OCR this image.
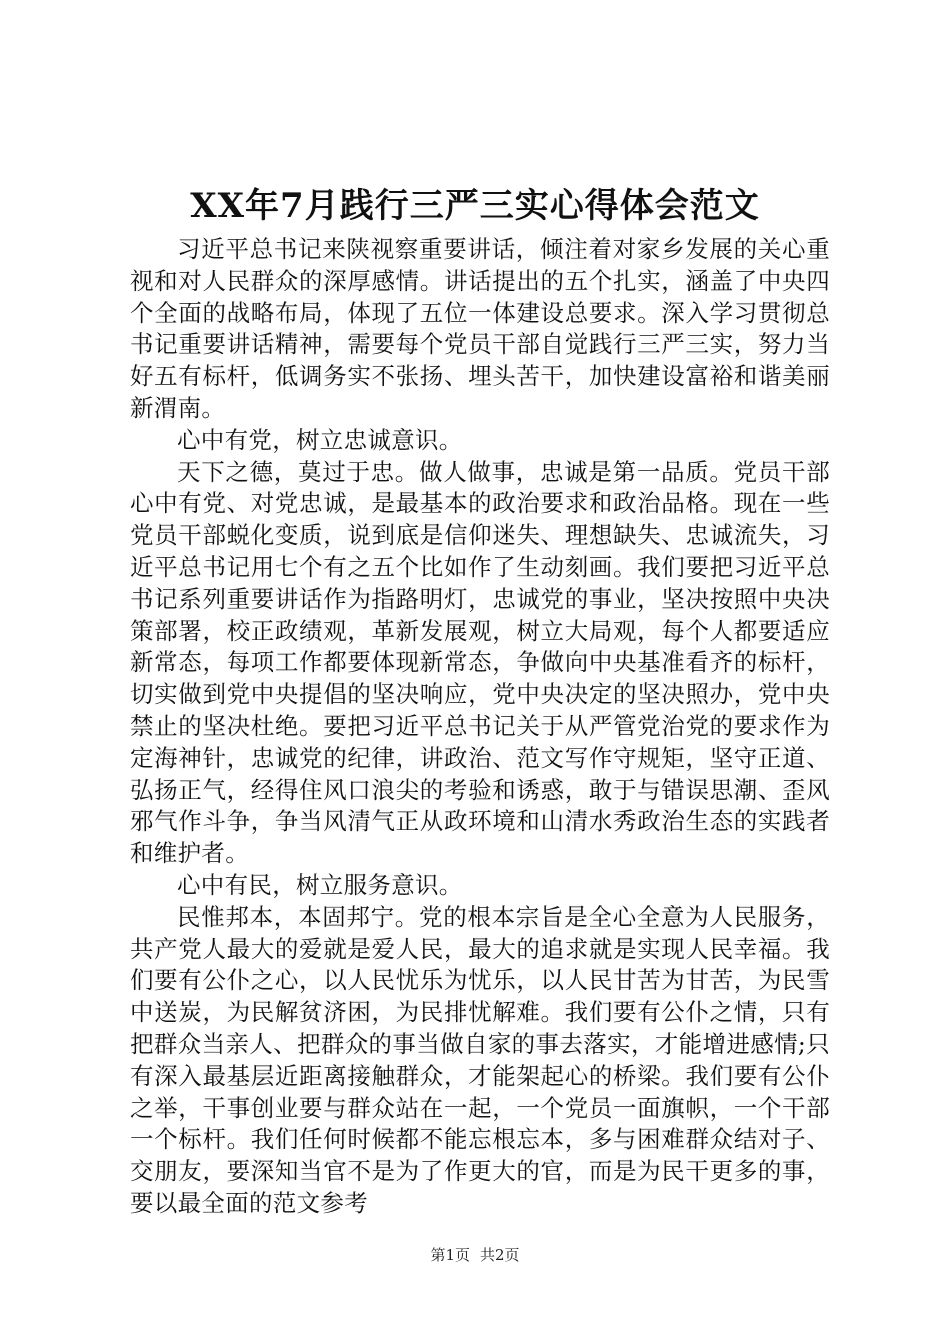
XX年7月践行三严三实心得体会范文

习近平总书记来陕视察重要讲话，倾注着对家乡发展的关心重视和对人民群众的深厚感情。讲话提出的五个扎实，涵盖了中央四个全面的战略布局，体现了五位一体建设总要求。深入学习贯彻总书记重要讲话精神，需要每个党员干部自觉践行三严三实，努力当好五有标杆，低调务实不张扬、埋头苦干，加快建设富裕和谐美丽新渭南。

心中有党，树立忠诚意识。

天下之德，莫过于忠。做人做事，忠诚是第一品质。党员干部心中有党、对党忠诚，是最基本的政治要求和政治品格。现在一些党员干部蜕化变质，说到底是信仰迷失、理想缺失、忠诚流失，习近平总书记用七个有之五个比如作了生动刻画。我们要把习近平总书记系列重要讲话作为指路明灯，忠诚党的事业，坚决按照中央决策部署，校正政绩观，革新发展观，树立大局观，每个人都要适应新常态，每项工作都要体现新常态，争做向中央基准看齐的标杆，切实做到党中央提倡的坚决响应，党中央决定的坚决照办，党中央禁止的坚决杜绝。要把习近平总书记关于从严管党治党的要求作为定海神针，忠诚党的纪律，讲政治、范文写作守规矩，坚守正道、弘扬正气，经得住风口浪尖的考验和诱惑，敢于与错误思潮、歪风邪气作斗争，争当风清气正从政环境和山清水秀政治生态的实践者和维护者。

心中有民，树立服务意识。

民惟邦本，本固邦宁。党的根本宗旨是全心全意为人民服务，共产党人最大的爱就是爱人民，最大的追求就是实现人民幸福。我们要有公仆之心，以人民忧乐为忧乐，以人民甘苦为甘苦，为民雪中送炭，为民解贫济困，为民排忧解难。我们要有公仆之情，只有把群众当亲人、把群众的事当做自家的事去落实，才能增进感情;只有深入最基层近距离接触群众，才能架起心的桥梁。我们要有公仆之举，干事创业要与群众站在一起，一个党员一面旗帜，一个干部一个标杆。我们任何时候都不能忘根忘本，多与困难群众结对子、交朋友，要深知当官不是为了作更大的官，而是为民干更多的事，要以最全面的范文参考

第1页 共2页
